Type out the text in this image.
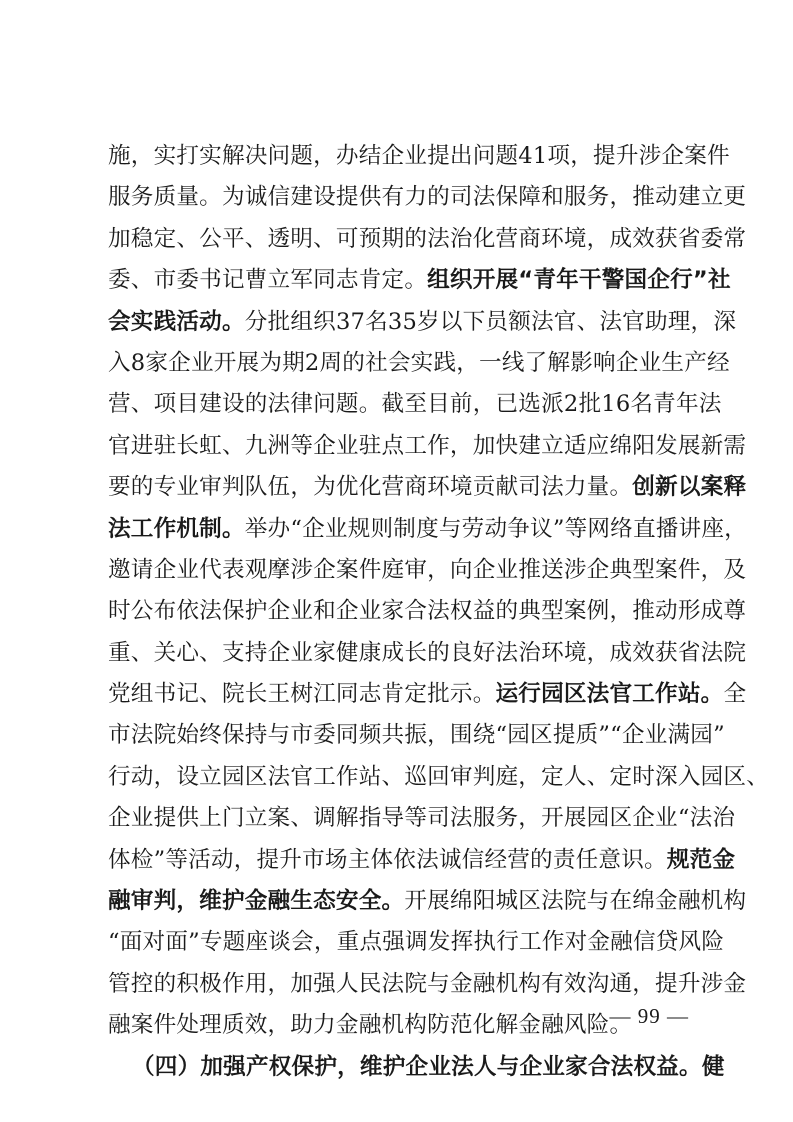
施，实打实解决问题，办结企业提出问题41项，提升涉企案件
服务质量。为诚信建设提供有力的司法保障和服务，推动建立更
加稳定、公平、透明、可预期的法治化营商环境，成效获省委常
委、市委书记曹立军同志肯定。组织开展“青年干警国企行”社
会实践活动。分批组织37名35岁以下员额法官、法官助理，深
入8家企业开展为期2周的社会实践，一线了解影响企业生产经
营、项目建设的法律问题。截至目前，已选派2批16名青年法
官进驻长虹、九洲等企业驻点工作，加快建立适应绵阳发展新需
要的专业审判队伍，为优化营商环境贡献司法力量。创新以案释
法工作机制。举办“企业规则制度与劳动争议”等网络直播讲座，
邀请企业代表观摩涉企案件庭审，向企业推送涉企典型案件，及
时公布依法保护企业和企业家合法权益的典型案例，推动形成尊
重、关心、支持企业家健康成长的良好法治环境，成效获省法院
党组书记、院长王树江同志肯定批示。运行园区法官工作站。全
市法院始终保持与市委同频共振，围绕“园区提质”“企业满园”
行动，设立园区法官工作站、巡回审判庭，定人、定时深入园区、
企业提供上门立案、调解指导等司法服务，开展园区企业“法治
体检”等活动，提升市场主体依法诚信经营的责任意识。规范金
融审判，维护金融生态安全。开展绵阳城区法院与在绵金融机构
“面对面”专题座谈会，重点强调发挥执行工作对金融信贷风险
管控的积极作用，加强人民法院与金融机构有效沟通，提升涉金
融案件处理质效，助力金融机构防范化解金融风险。
（四）加强产权保护，维护企业法人与企业家合法权益。健
— 99 —
